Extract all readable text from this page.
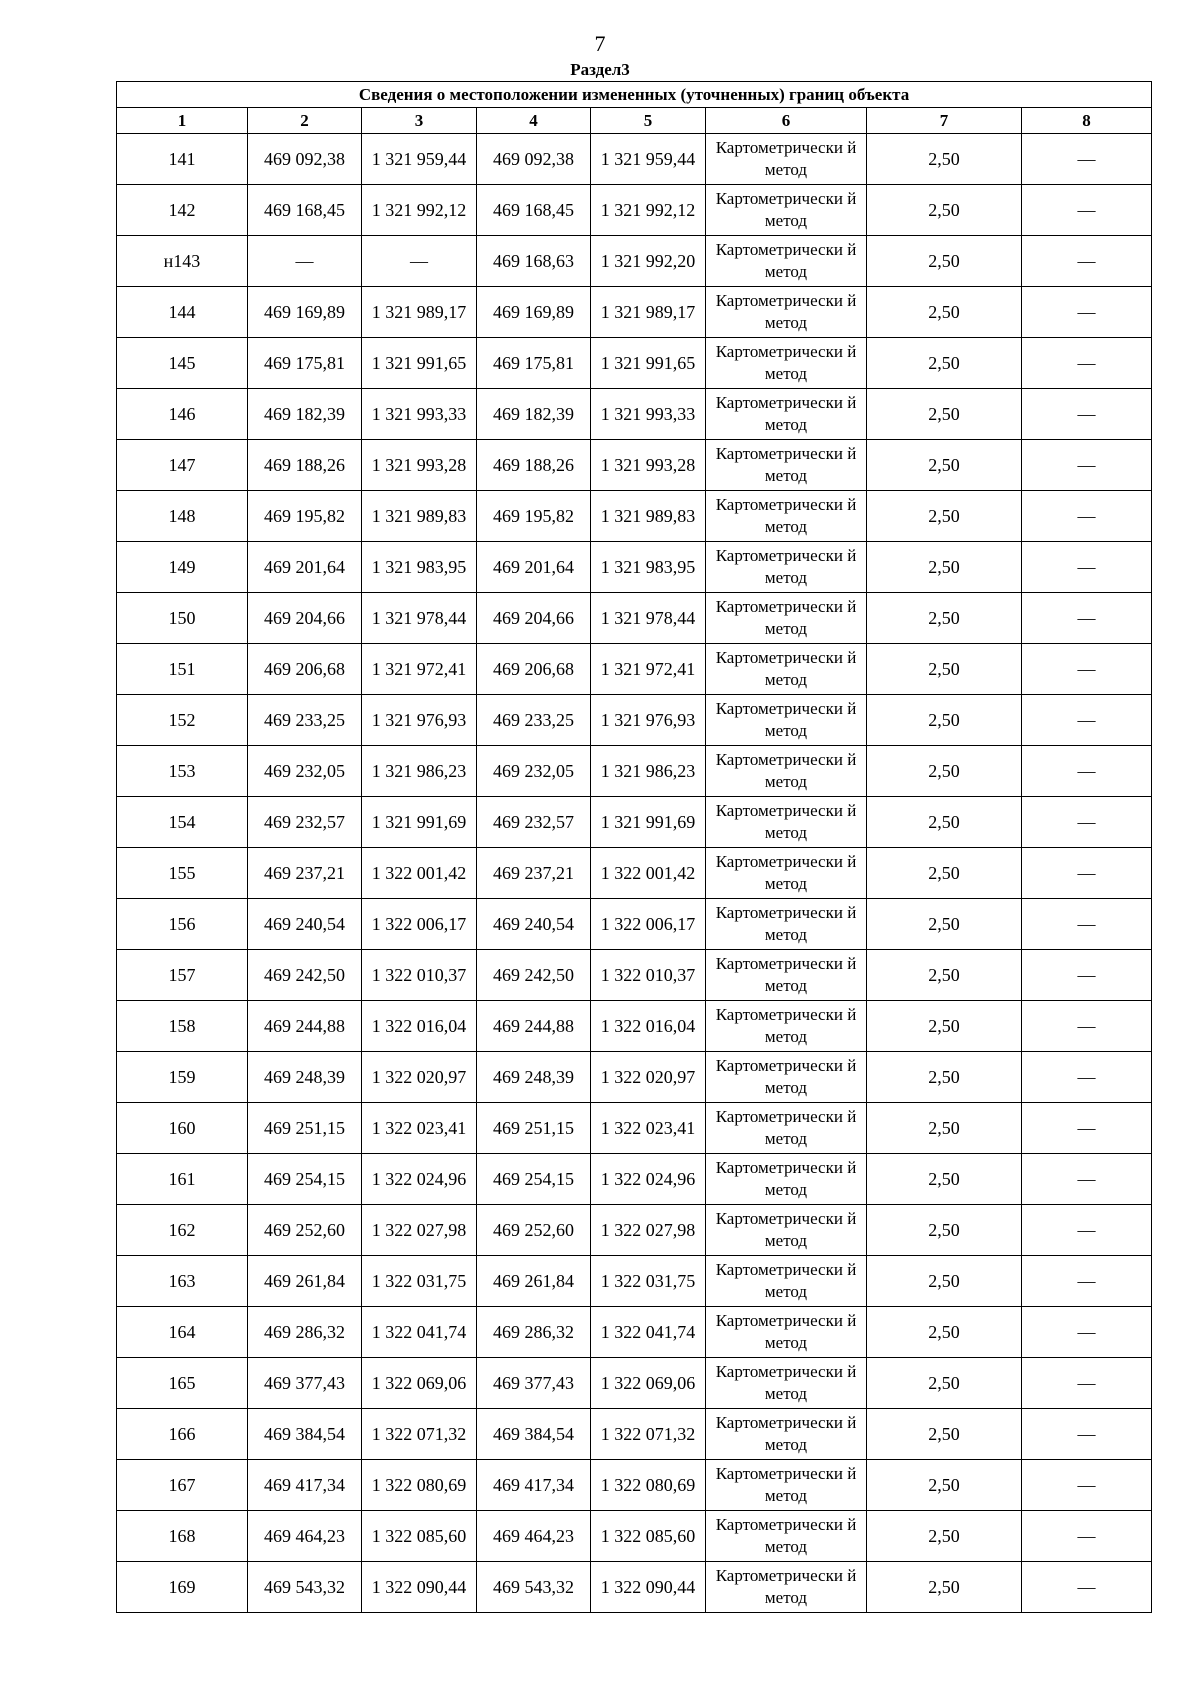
7
Раздел3
Сведения о местоположении измененных (уточненных) границ объекта							
1	2	3	4	5	6	7	8
141	469 092,38	1 321 959,44	469 092,38	1 321 959,44	Картометрически й метод	2,50	—
142	469 168,45	1 321 992,12	469 168,45	1 321 992,12	Картометрически й метод	2,50	—
н143	—	—	469 168,63	1 321 992,20	Картометрически й метод	2,50	—
144	469 169,89	1 321 989,17	469 169,89	1 321 989,17	Картометрически й метод	2,50	—
145	469 175,81	1 321 991,65	469 175,81	1 321 991,65	Картометрически й метод	2,50	—
146	469 182,39	1 321 993,33	469 182,39	1 321 993,33	Картометрически й метод	2,50	—
147	469 188,26	1 321 993,28	469 188,26	1 321 993,28	Картометрически й метод	2,50	—
148	469 195,82	1 321 989,83	469 195,82	1 321 989,83	Картометрически й метод	2,50	—
149	469 201,64	1 321 983,95	469 201,64	1 321 983,95	Картометрически й метод	2,50	—
150	469 204,66	1 321 978,44	469 204,66	1 321 978,44	Картометрически й метод	2,50	—
151	469 206,68	1 321 972,41	469 206,68	1 321 972,41	Картометрически й метод	2,50	—
152	469 233,25	1 321 976,93	469 233,25	1 321 976,93	Картометрически й метод	2,50	—
153	469 232,05	1 321 986,23	469 232,05	1 321 986,23	Картометрически й метод	2,50	—
154	469 232,57	1 321 991,69	469 232,57	1 321 991,69	Картометрически й метод	2,50	—
155	469 237,21	1 322 001,42	469 237,21	1 322 001,42	Картометрически й метод	2,50	—
156	469 240,54	1 322 006,17	469 240,54	1 322 006,17	Картометрически й метод	2,50	—
157	469 242,50	1 322 010,37	469 242,50	1 322 010,37	Картометрически й метод	2,50	—
158	469 244,88	1 322 016,04	469 244,88	1 322 016,04	Картометрически й метод	2,50	—
159	469 248,39	1 322 020,97	469 248,39	1 322 020,97	Картометрически й метод	2,50	—
160	469 251,15	1 322 023,41	469 251,15	1 322 023,41	Картометрически й метод	2,50	—
161	469 254,15	1 322 024,96	469 254,15	1 322 024,96	Картометрически й метод	2,50	—
162	469 252,60	1 322 027,98	469 252,60	1 322 027,98	Картометрически й метод	2,50	—
163	469 261,84	1 322 031,75	469 261,84	1 322 031,75	Картометрически й метод	2,50	—
164	469 286,32	1 322 041,74	469 286,32	1 322 041,74	Картометрически й метод	2,50	—
165	469 377,43	1 322 069,06	469 377,43	1 322 069,06	Картометрически й метод	2,50	—
166	469 384,54	1 322 071,32	469 384,54	1 322 071,32	Картометрически й метод	2,50	—
167	469 417,34	1 322 080,69	469 417,34	1 322 080,69	Картометрически й метод	2,50	—
168	469 464,23	1 322 085,60	469 464,23	1 322 085,60	Картометрически й метод	2,50	—
169	469 543,32	1 322 090,44	469 543,32	1 322 090,44	Картометрически й метод	2,50	—
